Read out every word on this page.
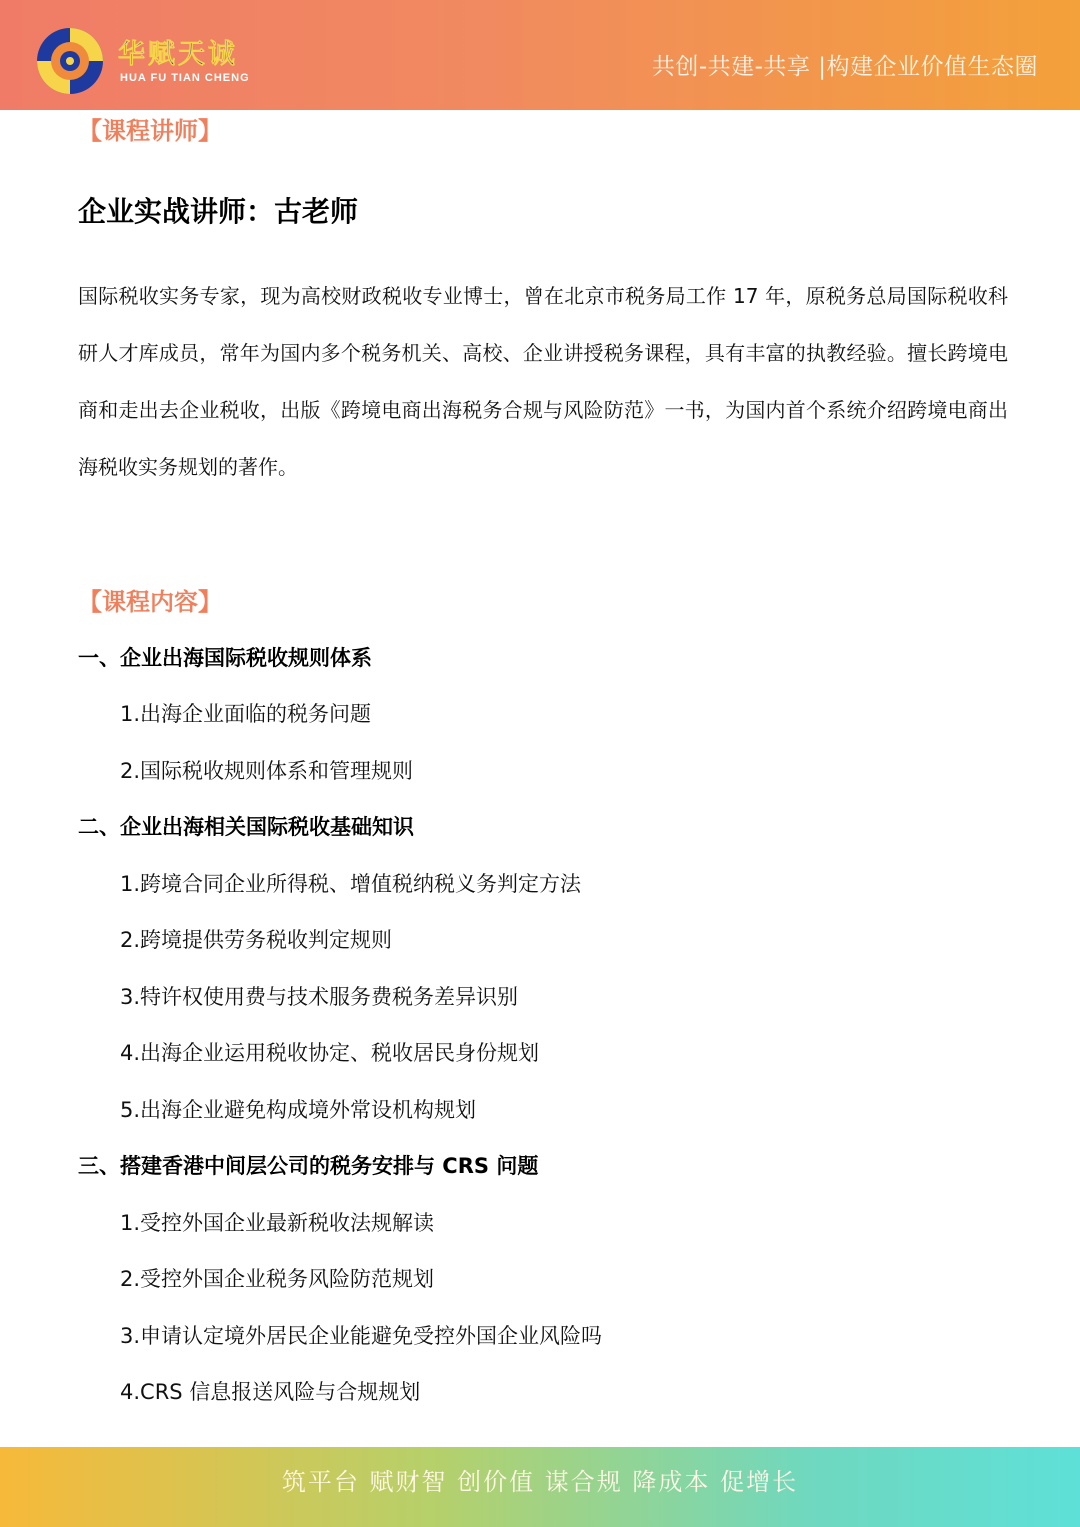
华赋天诚
HUA FU TIAN CHENG	共创-共建-共享 |构建企业价值生态圈
【课程讲师】
企业实战讲师：古老师
国际税收实务专家，现为高校财政税收专业博士，曾在北京市税务局工作 17 年，原税务总局国际税收科研人才库成员，常年为国内多个税务机关、高校、企业讲授税务课程，具有丰富的执教经验。擅长跨境电商和走出去企业税收，出版《跨境电商出海税务合规与风险防范》一书，为国内首个系统介绍跨境电商出海税收实务规划的著作。
【课程内容】
一、企业出海国际税收规则体系
1.出海企业面临的税务问题
2.国际税收规则体系和管理规则
二、企业出海相关国际税收基础知识
1.跨境合同企业所得税、增值税纳税义务判定方法
2.跨境提供劳务税收判定规则
3.特许权使用费与技术服务费税务差异识别
4.出海企业运用税收协定、税收居民身份规划
5.出海企业避免构成境外常设机构规划
三、搭建香港中间层公司的税务安排与 CRS 问题
1.受控外国企业最新税收法规解读
2.受控外国企业税务风险防范规划
3.申请认定境外居民企业能避免受控外国企业风险吗
4.CRS 信息报送风险与合规规划
筑平台 赋财智 创价值 谋合规 降成本 促增长
